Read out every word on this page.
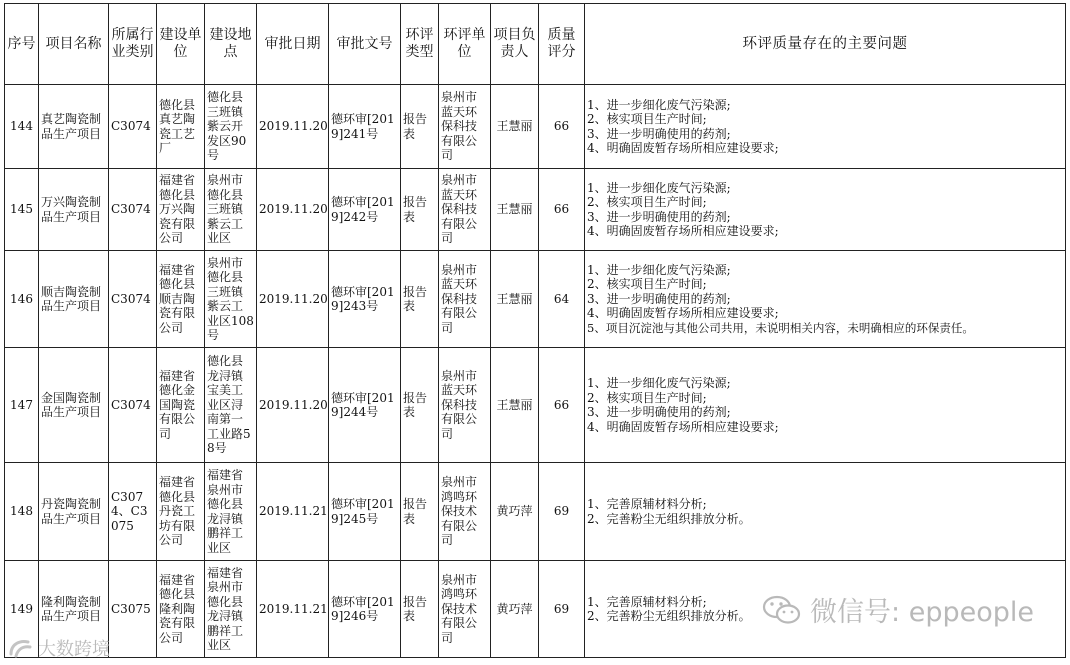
序号	项目名称	所属行业类别	建设单位	建设地点	审批日期	审批文号	环评类型	环评单位	项目负责人	质量评分	环评质量存在的主要问题
144	真艺陶瓷制品生产项目	C3074	德化县真艺陶瓷工艺厂	德化县三班镇紫云开发区90号	2019.11.20	德环审[2019]241号	报告表	泉州市蓝天环保科技有限公司	王慧丽	66	1、进一步细化废气污染源;
2、核实项目生产时间;
3、进一步明确使用的药剂;
4、明确固废暂存场所相应建设要求;

145	万兴陶瓷制品生产项目	C3074	福建省德化县万兴陶瓷有限公司	泉州市德化县三班镇紫云工业区	2019.11.20	德环审[2019]242号	报告表	泉州市蓝天环保科技有限公司	王慧丽	66	1、进一步细化废气污染源;
2、核实项目生产时间;
3、进一步明确使用的药剂;
4、明确固废暂存场所相应建设要求;

146	顺吉陶瓷制品生产项目	C3074	福建省德化县顺吉陶瓷有限公司	泉州市德化县三班镇紫云工业区108号	2019.11.20	德环审[2019]243号	报告表	泉州市蓝天环保科技有限公司	王慧丽	64	1、进一步细化废气污染源;
2、核实项目生产时间;
3、进一步明确使用的药剂;
4、明确固废暂存场所相应建设要求;
5、项目沉淀池与其他公司共用，未说明相关内容，未明确相应的环保责任。

147	金国陶瓷制品生产项目	C3074	福建省德化金国陶瓷有限公司	德化县龙浔镇宝美工业区浔南第一工业路58号	2019.11.20	德环审[2019]244号	报告表	泉州市蓝天环保科技有限公司	王慧丽	66	1、进一步细化废气污染源;
2、核实项目生产时间;
3、进一步明确使用的药剂;
4、明确固废暂存场所相应建设要求;

148	丹瓷陶瓷制品生产项目	C3074、C3075	福建省德化县丹瓷工坊有限公司	福建省泉州市德化县龙浔镇鹏祥工业区	2019.11.21	德环审[2019]245号	报告表	泉州市鸿鸣环保技术有限公司	黄巧萍	69	1、完善原辅材料分析;
2、完善粉尘无组织排放分析。

149	隆利陶瓷制品生产项目	C3075	福建省德化县隆利陶瓷有限公司	福建省泉州市德化县龙浔镇鹏祥工业区	2019.11.21	德环审[2019]246号	报告表	泉州市鸿鸣环保技术有限公司	黄巧萍	69	1、完善原辅材料分析;
2、完善粉尘无组织排放分析。	微信号: eppeople
大数跨境
